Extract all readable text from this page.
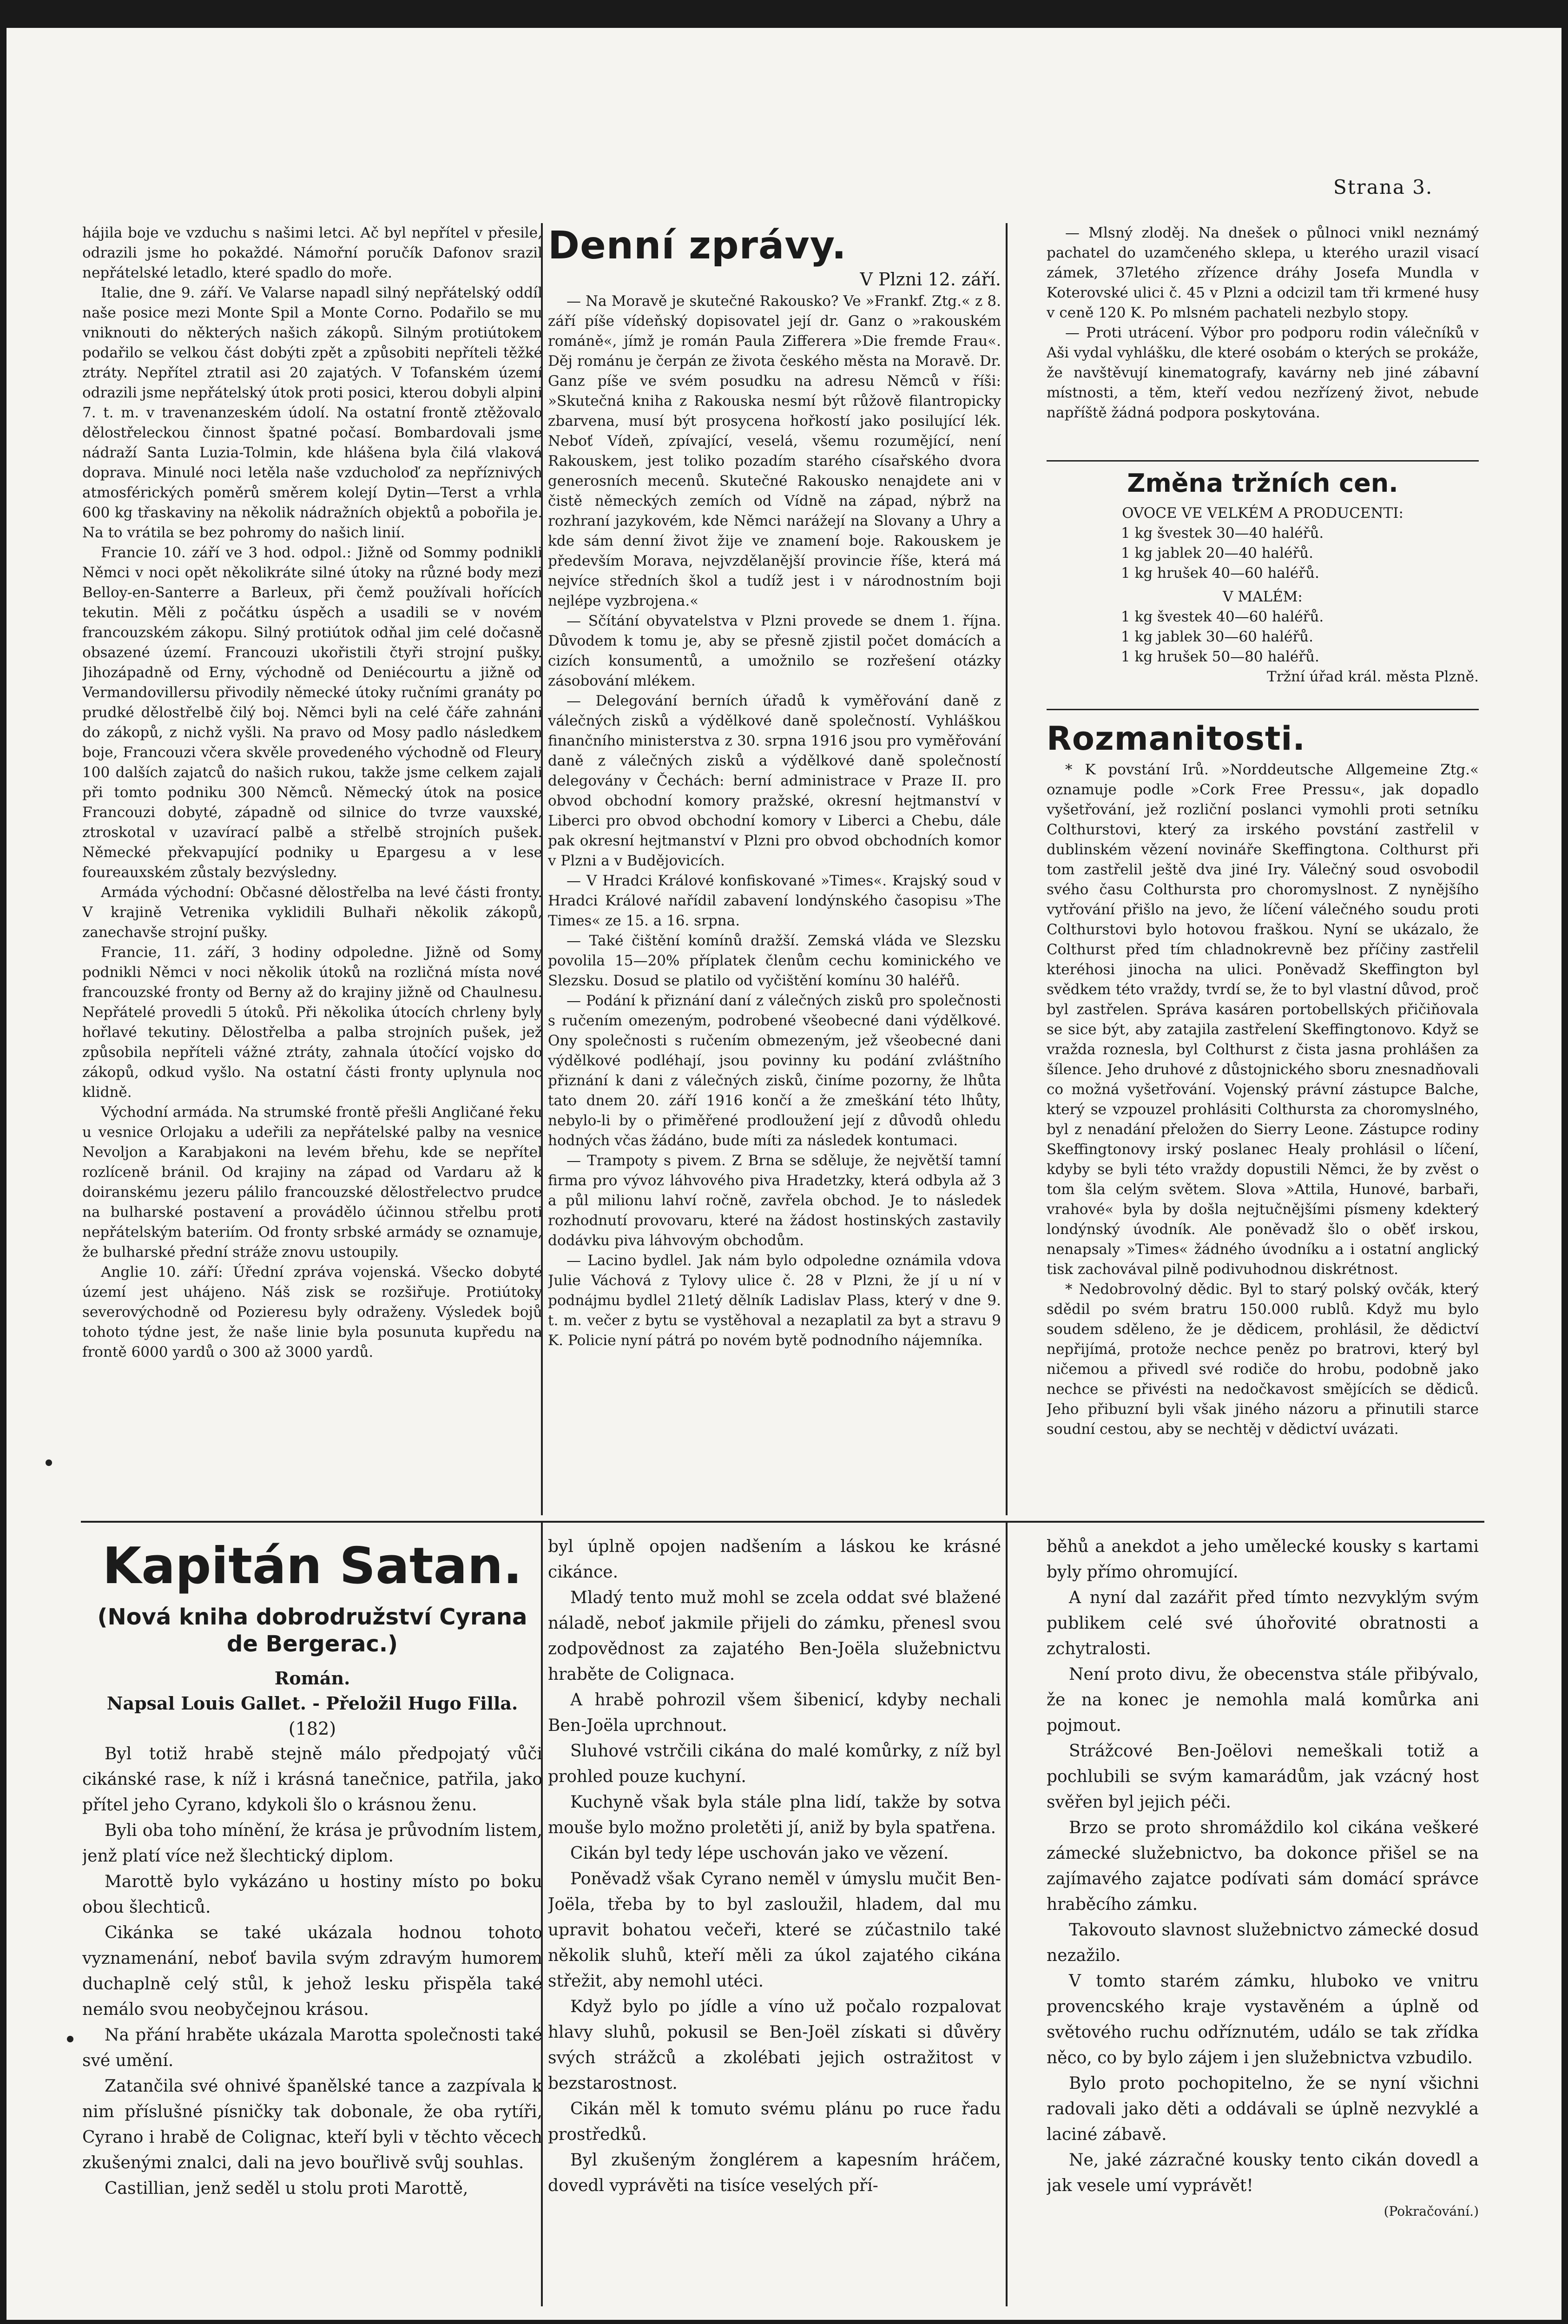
Strana 3.

hájila boje ve vzduchu s našimi letci. Ač byl nepřítel v přesile, odrazili jsme ho pokaždé. Námořní poručík Dafonov srazil nepřátelské letadlo, které spadlo do moře.

Italie, dne 9. září. Ve Valarse napadl silný nepřátelský oddíl naše posice mezi Monte Spil a Monte Corno. Podařilo se mu vniknouti do některých našich zákopů. Silným protiútokem podařilo se velkou část dobýti zpět a způsobiti nepříteli těžké ztráty. Nepřítel ztratil asi 20 zajatých. V Tofanském území odrazili jsme nepřátelský útok proti posici, kterou dobyli alpini 7. t. m. v travenanzeském údolí. Na ostatní frontě ztěžovalo dělostřeleckou činnost špatné počasí. Bombardovali jsme nádraží Santa Luzia-Tolmin, kde hlášena byla čilá vlaková doprava. Minulé noci letěla naše vzducholoď za nepříznivých atmosférických poměrů směrem kolejí Dytin—Terst a vrhla 600 kg třaskaviny na několik nádražních objektů a pobořila je. Na to vrátila se bez pohromy do našich linií.

Francie 10. září ve 3 hod. odpol.: Jižně od Sommy podnikli Němci v noci opět několikráte silné útoky na různé body mezi Belloy-en-Santerre a Barleux, při čemž používali hořících tekutin. Měli z počátku úspěch a usadili se v novém francouzském zákopu. Silný protiútok odňal jim celé dočasně obsazené území. Francouzi ukořistili čtyři strojní pušky. Jihozápadně od Erny, východně od Deniécourtu a jižně od Vermandovillersu přivodily německé útoky ručními granáty po prudké dělostřelbě čilý boj. Němci byli na celé čáře zahnáni do zákopů, z nichž vyšli. Na pravo od Mosy padlo následkem boje, Francouzi včera skvěle provedeného východně od Fleury 100 dalších zajatců do našich rukou, takže jsme celkem zajali při tomto podniku 300 Němců. Německý útok na posice Francouzi dobyté, západně od silnice do tvrze vauxské, ztroskotal v uzavírací palbě a střelbě strojních pušek. Německé překvapující podniky u Epargesu a v lese foureauxském zůstaly bezvýsledny.

Armáda východní: Občasné dělostřelba na levé části fronty. V krajině Vetrenika vyklidili Bulhaři několik zákopů, zanechavše strojní pušky.

Francie, 11. září, 3 hodiny odpoledne. Jižně od Somy podnikli Němci v noci několik útoků na rozličná místa nové francouzské fronty od Berny až do krajiny jižně od Chaulnesu. Nepřátelé provedli 5 útoků. Při několika útocích chrleny byly hořlavé tekutiny. Dělostřelba a palba strojních pušek, jež způsobila nepříteli vážné ztráty, zahnala útočící vojsko do zákopů, odkud vyšlo. Na ostatní části fronty uplynula noc klidně.

Východní armáda. Na strumské frontě přešli Angličané řeku u vesnice Orlojaku a udeřili za nepřátelské palby na vesnice Nevoljon a Karabjakoni na levém břehu, kde se nepřítel rozlíceně bránil. Od krajiny na západ od Vardaru až k doiranskému jezeru pálilo francouzské dělostřelectvo prudce na bulharské postavení a provádělo účinnou střelbu proti nepřátelským bateriím. Od fronty srbské armády se oznamuje, že bulharské přední stráže znovu ustoupily.

Anglie 10. září: Úřední zpráva vojenská. Všecko dobyté území jest uhájeno. Náš zisk se rozšiřuje. Protiútoky severovýchodně od Pozieresu byly odraženy. Výsledek bojů tohoto týdne jest, že naše linie byla posunuta kupředu na frontě 6000 yardů o 300 až 3000 yardů.

Denní zprávy.
V Plzni 12. září.

— Na Moravě je skutečné Rakousko? Ve »Frankf. Ztg.« z 8. září píše vídeňský dopisovatel její dr. Ganz o »rakouském románě«, jímž je román Paula Zifferera »Die fremde Frau«. Děj románu je čerpán ze života českého města na Moravě. Dr. Ganz píše ve svém posudku na adresu Němců v říši: »Skutečná kniha z Rakouska nesmí být růžově filantropicky zbarvena, musí být prosycena hořkostí jako posilující lék. Neboť Vídeň, zpívající, veselá, všemu rozumějící, není Rakouskem, jest toliko pozadím starého císařského dvora generosních mecenů. Skutečné Rakousko nenajdete ani v čistě německých zemích od Vídně na západ, nýbrž na rozhraní jazykovém, kde Němci narážejí na Slovany a Uhry a kde sám denní život žije ve znamení boje. Rakouskem je především Morava, nejvzdělanější provincie říše, která má nejvíce středních škol a tudíž jest i v národnostním boji nejlépe vyzbrojena.«

— Sčítání obyvatelstva v Plzni provede se dnem 1. října. Důvodem k tomu je, aby se přesně zjistil počet domácích a cizích konsumentů, a umožnilo se rozřešení otázky zásobování mlékem.

— Delegování berních úřadů k vyměřování daně z válečných zisků a výdělkové daně společností. Vyhláškou finančního ministerstva z 30. srpna 1916 jsou pro vyměřování daně z válečných zisků a výdělkové daně společností delegovány v Čechách: berní administrace v Praze II. pro obvod obchodní komory pražské, okresní hejtmanství v Liberci pro obvod obchodní komory v Liberci a Chebu, dále pak okresní hejtmanství v Plzni pro obvod obchodních komor v Plzni a v Budějovicích.

— V Hradci Králové konfiskované »Times«. Krajský soud v Hradci Králové nařídil zabavení londýnského časopisu »The Times« ze 15. a 16. srpna.

— Také čištění komínů dražší. Zemská vláda ve Slezsku povolila 15—20% příplatek členům cechu kominického ve Slezsku. Dosud se platilo od vyčištění komínu 30 haléřů.

— Podání k přiznání daní z válečných zisků pro společnosti s ručením omezeným, podrobené všeobecné dani výdělkové. Ony společnosti s ručením obmezeným, jež všeobecné dani výdělkové podléhají, jsou povinny ku podání zvláštního přiznání k dani z válečných zisků, činíme pozorny, že lhůta tato dnem 20. září 1916 končí a že zmeškání této lhůty, nebylo-li by o přiměřené prodloužení její z důvodů ohledu hodných včas žádáno, bude míti za následek kontumaci.

— Trampoty s pivem. Z Brna se sděluje, že největší tamní firma pro vývoz láhvového piva Hradetzky, která odbyla až 3 a půl milionu lahví ročně, zavřela obchod. Je to následek rozhodnutí provovaru, které na žádost hostinských zastavily dodávku piva láhvovým obchodům.

— Lacino bydlel. Jak nám bylo odpoledne oznámila vdova Julie Váchová z Tylovy ulice č. 28 v Plzni, že jí u ní v podnájmu bydlel 21letý dělník Ladislav Plass, který v dne 9. t. m. večer z bytu se vystěhoval a nezaplatil za byt a stravu 9 K. Policie nyní pátrá po novém bytě podnodního nájemníka.

— Mlsný zloděj. Na dnešek o půlnoci vnikl neznámý pachatel do uzamčeného sklepa, u kterého urazil visací zámek, 37letého zřízence dráhy Josefa Mundla v Koterovské ulici č. 45 v Plzni a odcizil tam tři krmené husy v ceně 120 K. Po mlsném pachateli nezbylo stopy.

— Proti utrácení. Výbor pro podporu rodin válečníků v Aši vydal vyhlášku, dle které osobám o kterých se prokáže, že navštěvují kinematografy, kavárny neb jiné zábavní místnosti, a těm, kteří vedou nezřízený život, nebude napříště žádná podpora poskytována.

Změna tržních cen.

OVOCE VE VELKÉM A PRODUCENTI:

1 kg švestek 30—40 haléřů.

1 kg jablek 20—40 haléřů.

1 kg hrušek 40—60 haléřů.

V MALÉM:

1 kg švestek 40—60 haléřů.

1 kg jablek 30—60 haléřů.

1 kg hrušek 50—80 haléřů.

Tržní úřad král. města Plzně.

Rozmanitosti.

* K povstání Irů. »Norddeutsche Allgemeine Ztg.« oznamuje podle »Cork Free Pressu«, jak dopadlo vyšetřování, jež rozliční poslanci vymohli proti setníku Colthurstovi, který za irského povstání zastřelil v dublinském vězení novináře Skeffingtona. Colthurst při tom zastřelil ještě dva jiné Iry. Válečný soud osvobodil svého času Colthursta pro choromyslnost. Z nynějšího vytřování přišlo na jevo, že líčení válečného soudu proti Colthurstovi bylo hotovou fraškou. Nyní se ukázalo, že Colthurst před tím chladnokrevně bez příčiny zastřelil kteréhosi jinocha na ulici. Poněvadž Skeffington byl svědkem této vraždy, tvrdí se, že to byl vlastní důvod, proč byl zastřelen. Správa kasáren portobellských přičiňovala se sice být, aby zatajila zastřelení Skeffingtonovo. Když se vražda roznesla, byl Colthurst z čista jasna prohlášen za šílence. Jeho druhové z důstojnického sboru znesnadňovali co možná vyšetřování. Vojenský právní zástupce Balche, který se vzpouzel prohlásiti Colthursta za choromyslného, byl z nenadání přeložen do Sierry Leone. Zástupce rodiny Skeffingtonovy irský poslanec Healy prohlásil o líčení, kdyby se byli této vraždy dopustili Němci, že by zvěst o tom šla celým světem. Slova »Attila, Hunové, barbaři, vrahové« byla by došla nejtučnějšími písmeny kdekterý londýnský úvodník. Ale poněvadž šlo o oběť irskou, nenapsaly »Times« žádného úvodníku a i ostatní anglický tisk zachovával pilně podivuhodnou diskrétnost.

* Nedobrovolný dědic. Byl to starý polský ovčák, který sdědil po svém bratru 150.000 rublů. Když mu bylo soudem sděleno, že je dědicem, prohlásil, že dědictví nepřijímá, protože nechce peněz po bratrovi, který byl ničemou a přivedl své rodiče do hrobu, podobně jako nechce se přivésti na nedočkavost smějících se dědiců. Jeho přibuzní byli však jiného názoru a přinutili starce soudní cestou, aby se nechtěj v dědictví uvázati.

Kapitán Satan.
(Nová kniha dobrodružství Cyrana de Bergerac.)

Román.

Napsal Louis Gallet. - Přeložil Hugo Filla.

(182)

Byl totiž hrabě stejně málo předpojatý vůči cikánské rase, k níž i krásná tanečnice, patřila, jako přítel jeho Cyrano, kdykoli šlo o krásnou ženu.

Byli oba toho mínění, že krása je průvodním listem, jenž platí více než šlechtický diplom.

Marottě bylo vykázáno u hostiny místo po boku obou šlechticů.

Cikánka se také ukázala hodnou tohoto vyznamenání, neboť bavila svým zdravým humorem duchaplně celý stůl, k jehož lesku přispěla také nemálo svou neobyčejnou krásou.

Na přání hraběte ukázala Marotta společnosti také své umění.

Zatančila své ohnivé španělské tance a zazpívala k nim příslušné písničky tak dobonale, že oba rytíři, Cyrano i hrabě de Colignac, kteří byli v těchto věcech zkušenými znalci, dali na jevo bouřlivě svůj souhlas.

Castillian, jenž seděl u stolu proti Marottě,

byl úplně opojen nadšením a láskou ke krásné cikánce.

Mladý tento muž mohl se zcela oddat své blažené náladě, neboť jakmile přijeli do zámku, přenesl svou zodpovědnost za zajatého Ben-Joëla služebnictvu hraběte de Colignaca.

A hrabě pohrozil všem šibenicí, kdyby nechali Ben-Joëla uprchnout.

Sluhové vstrčili cikána do malé komůrky, z níž byl prohled pouze kuchyní.

Kuchyně však byla stále plna lidí, takže by sotva mouše bylo možno proletěti jí, aniž by byla spatřena.

Cikán byl tedy lépe uschován jako ve vězení.

Poněvadž však Cyrano neměl v úmyslu mučit Ben-Joëla, třeba by to byl zasloužil, hladem, dal mu upravit bohatou večeři, které se zúčastnilo také několik sluhů, kteří měli za úkol zajatého cikána střežit, aby nemohl utéci.

Když bylo po jídle a víno už počalo rozpalovat hlavy sluhů, pokusil se Ben-Joël získati si důvěry svých strážců a zkolébati jejich ostražitost v bezstarostnost.

Cikán měl k tomuto svému plánu po ruce řadu prostředků.

Byl zkušeným žonglérem a kapesním hráčem, dovedl vyprávěti na tisíce veselých pří-

běhů a anekdot a jeho umělecké kousky s kartami byly přímo ohromující.

A nyní dal zazářit před tímto nezvyklým svým publikem celé své úhořovité obratnosti a zchytralosti.

Není proto divu, že obecenstva stále přibývalo, že na konec je nemohla malá komůrka ani pojmout.

Strážcové Ben-Joëlovi nemeškali totiž a pochlubili se svým kamarádům, jak vzácný host svěřen byl jejich péči.

Brzo se proto shromáždilo kol cikána veškeré zámecké služebnictvo, ba dokonce přišel se na zajímavého zajatce podívati sám domácí správce hraběcího zámku.

Takovouto slavnost služebnictvo zámecké dosud nezažilo.

V tomto starém zámku, hluboko ve vnitru provencského kraje vystavěném a úplně od světového ruchu odříznutém, událo se tak zřídka něco, co by bylo zájem i jen služebnictva vzbudilo.

Bylo proto pochopitelno, že se nyní všichni radovali jako děti a oddávali se úplně nezvyklé a laciné zábavě.

Ne, jaké zázračné kousky tento cikán dovedl a jak vesele umí vyprávět!

(Pokračování.)
